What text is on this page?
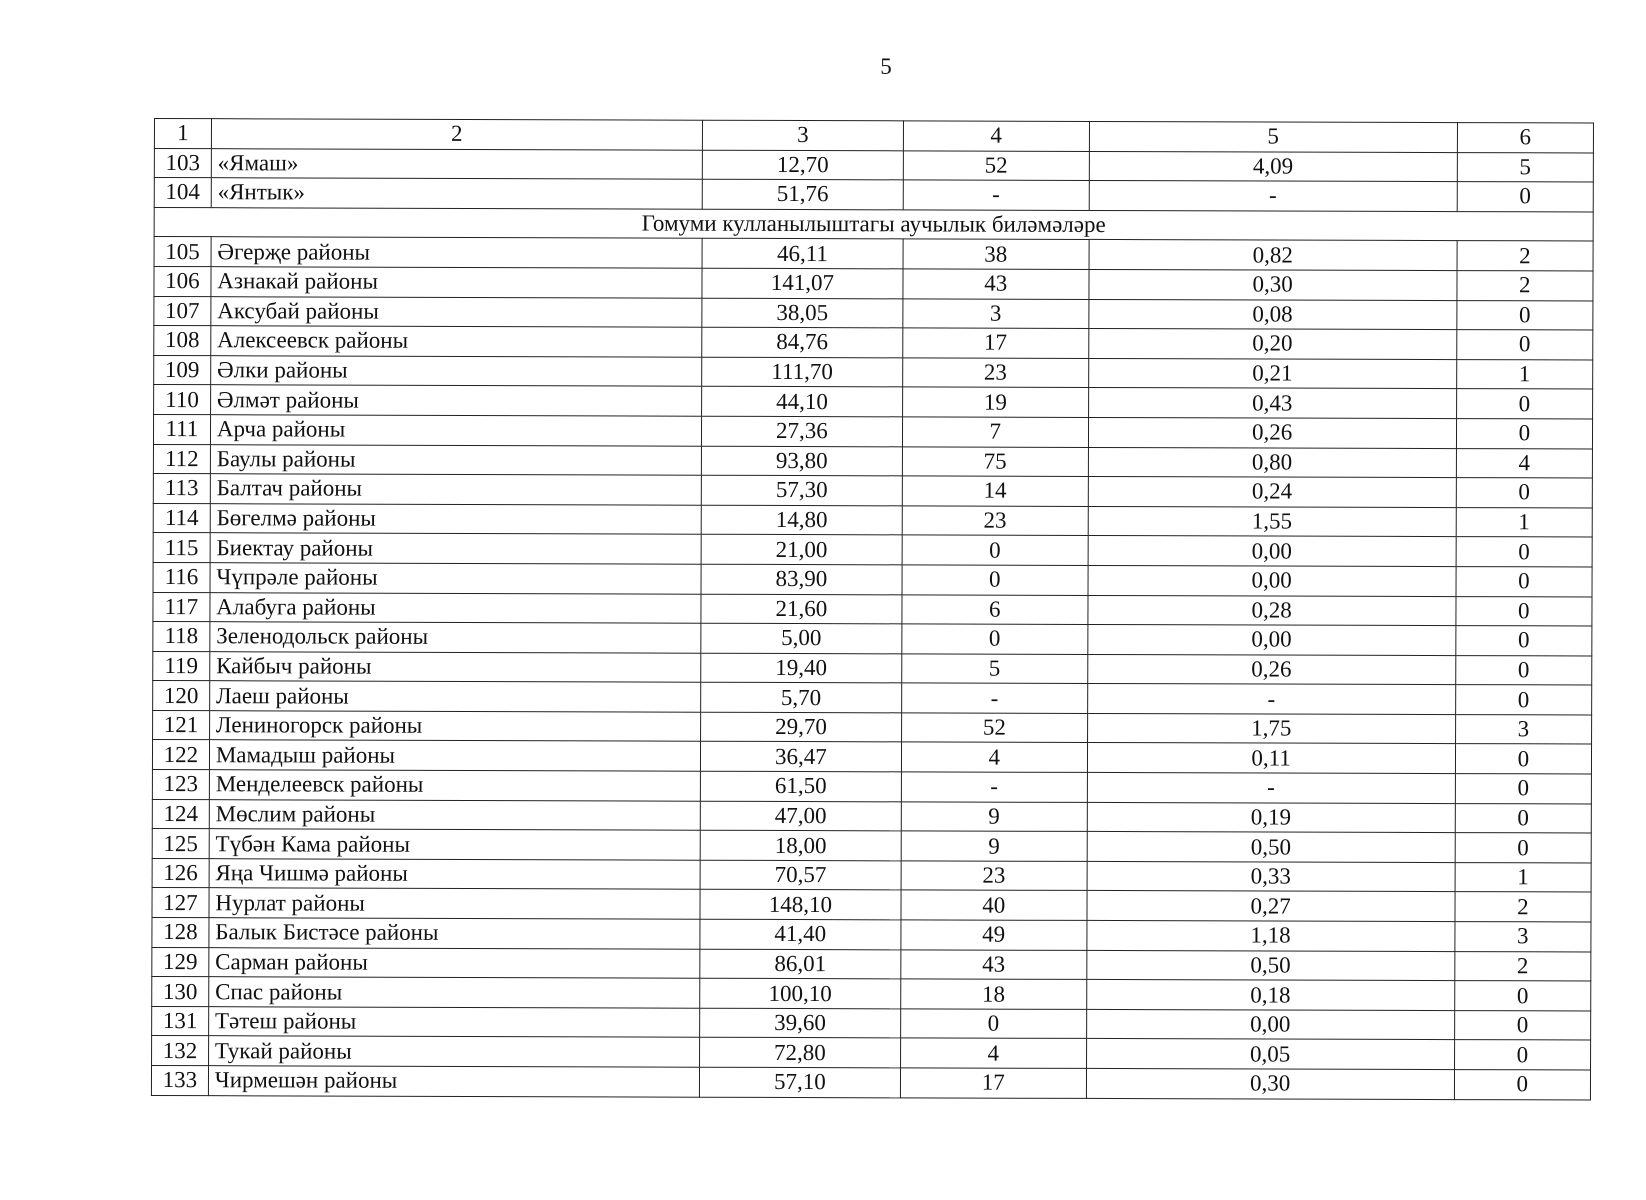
5
1	2	3	4	5	6
103	«Ямаш»	12,70	52	4,09	5
104	«Янтык»	51,76	-	-	0
Гомуми кулланылыштагы аучылык биләмәләре					
105	Әгерҗе районы	46,11	38	0,82	2
106	Азнакай районы	141,07	43	0,30	2
107	Аксубай районы	38,05	3	0,08	0
108	Алексеевск районы	84,76	17	0,20	0
109	Әлки районы	111,70	23	0,21	1
110	Әлмәт районы	44,10	19	0,43	0
111	Арча районы	27,36	7	0,26	0
112	Баулы районы	93,80	75	0,80	4
113	Балтач районы	57,30	14	0,24	0
114	Бөгелмә районы	14,80	23	1,55	1
115	Биектау районы	21,00	0	0,00	0
116	Чүпрәле районы	83,90	0	0,00	0
117	Алабуга районы	21,60	6	0,28	0
118	Зеленодольск районы	5,00	0	0,00	0
119	Кайбыч районы	19,40	5	0,26	0
120	Лаеш районы	5,70	-	-	0
121	Лениногорск районы	29,70	52	1,75	3
122	Мамадыш районы	36,47	4	0,11	0
123	Менделеевск районы	61,50	-	-	0
124	Мөслим районы	47,00	9	0,19	0
125	Түбән Кама районы	18,00	9	0,50	0
126	Яңа Чишмә районы	70,57	23	0,33	1
127	Нурлат районы	148,10	40	0,27	2
128	Балык Бистәсе районы	41,40	49	1,18	3
129	Сарман районы	86,01	43	0,50	2
130	Спас районы	100,10	18	0,18	0
131	Тәтеш районы	39,60	0	0,00	0
132	Тукай районы	72,80	4	0,05	0
133	Чирмешән районы	57,10	17	0,30	0
